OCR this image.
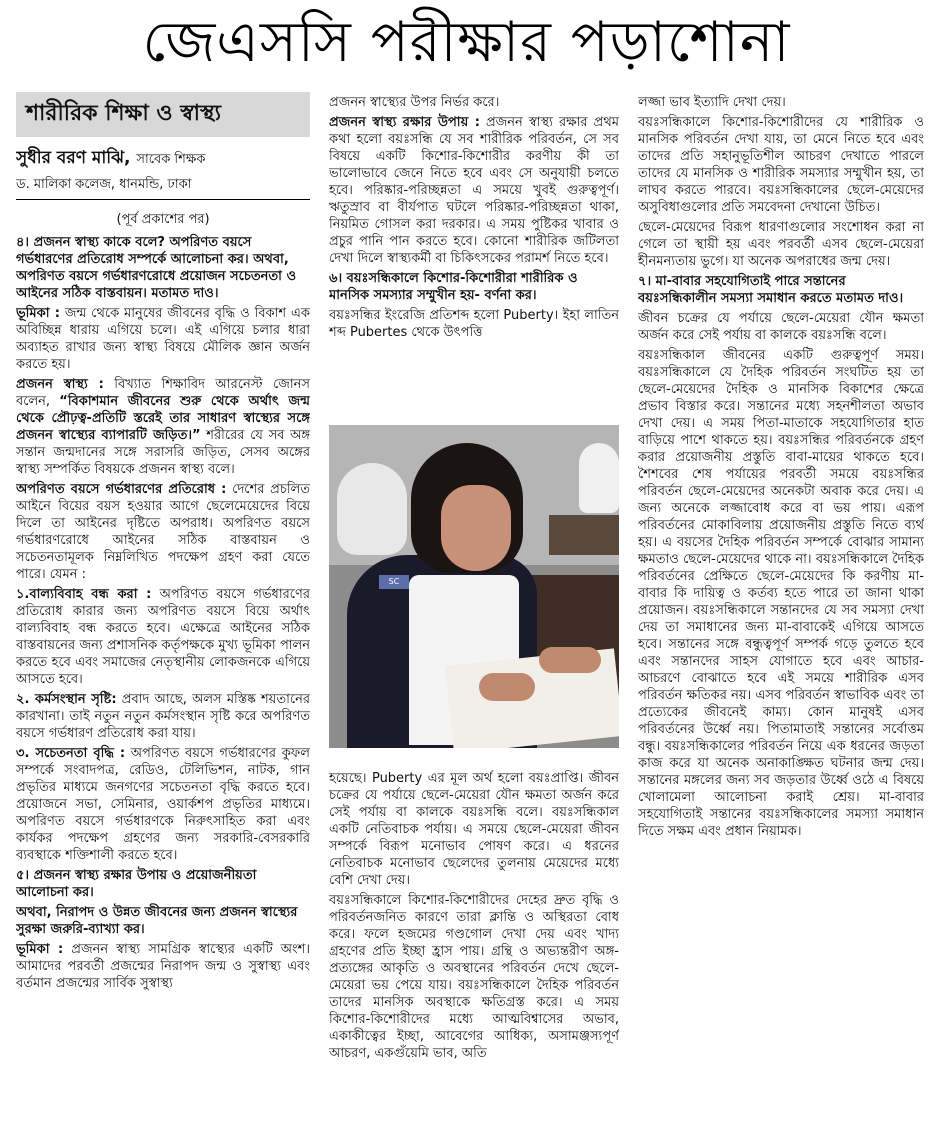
জেএসসি পরীক্ষার পড়াশোনা
শারীরিক শিক্ষা ও স্বাস্থ্য
সুধীর বরণ মাঝি, সাবেক শিক্ষক
ড. মালিকা কলেজ, ধানমন্ডি, ঢাকা
(পূর্ব প্রকাশের পর)
৪। প্রজনন স্বাস্থ্য কাকে বলে? অপরিণত বয়সে গর্ভধারণের প্রতিরোধ সম্পর্কে আলোচনা কর। অথবা, অপরিণত বয়সে গর্ভধারণরোধে প্রয়োজন সচেতনতা ও আইনের সঠিক বাস্তবায়ন। মতামত দাও।

ভূমিকা : জন্ম থেকে মানুষের জীবনের বৃদ্ধি ও বিকাশ এক অবিচ্ছিন্ন ধারায় এগিয়ে চলে। এই এগিয়ে চলার ধারা অব্যাহত রাখার জন্য স্বাস্থ্য বিষয়ে মৌলিক জ্ঞান অর্জন করতে হয়।

প্রজনন স্বাস্থ্য : বিখ্যাত শিক্ষাবিদ আরনেস্ট জোনস বলেন, “বিকাশমান জীবনের শুরু থেকে অর্থাৎ জন্ম থেকে প্রৌঢ়ত্ব-প্রতিটি স্তরেই তার সাধারণ স্বাস্থ্যের সঙ্গে প্রজনন স্বাস্থ্যের ব্যাপারটি জড়িত।” শরীরের যে সব অঙ্গ সন্তান জন্মদানের সঙ্গে সরাসরি জড়িত, সেসব অঙ্গের স্বাস্থ্য সম্পর্কিত বিষয়কে প্রজনন স্বাস্থ্য বলে।

অপরিণত বয়সে গর্ভধারণের প্রতিরোধ : দেশের প্রচলিত আইনে বিয়ের বয়স হওয়ার আগে ছেলেমেয়েদের বিয়ে দিলে তা আইনের দৃষ্টিতে অপরাধ। অপরিণত বয়সে গর্ভধারণরোধে আইনের সঠিক বাস্তবায়ন ও সচেতনতামূলক নিম্নলিখিত পদক্ষেপ গ্রহণ করা যেতে পারে। যেমন :

১.বাল্যবিবাহ বন্ধ করা : অপরিণত বয়সে গর্ভধারণের প্রতিরোধ কারার জন্য অপরিণত বয়সে বিয়ে অর্থাৎ বাল্যবিবাহ বন্ধ করতে হবে। এক্ষেত্রে আইনের সঠিক বাস্তবায়নের জন্য প্রশাসনিক কর্তৃপক্ষকে মুখ্য ভূমিকা পালন করতে হবে এবং সমাজের নেতৃস্থানীয় লোকজনকে এগিয়ে আসতে হবে।

২. কর্মসংস্থান সৃষ্টি: প্রবাদ আছে, অলস মস্তিষ্ক শয়তানের কারখানা। তাই নতুন নতুন কর্মসংস্থান সৃষ্টি করে অপরিণত বয়সে গর্ভধারণ প্রতিরোধ করা যায়।

৩. সচেতনতা বৃদ্ধি : অপরিণত বয়সে গর্ভধারণের কুফল সম্পর্কে সংবাদপত্র, রেডিও, টেলিভিশন, নাটক, গান প্রভৃতির মাধ্যমে জনগণের সচেতনতা বৃদ্ধি করতে হবে। প্রয়োজনে সভা, সেমিনার, ওয়ার্কশপ প্রভৃতির মাধ্যমে। অপরিণত বয়সে গর্ভধারণকে নিরুৎসাহিত করা এবং কার্যকর পদক্ষেপ গ্রহণের জন্য সরকারি-বেসরকারি ব্যবস্থাকে শক্তিশালী করতে হবে।

৫। প্রজনন স্বাস্থ্য রক্ষার উপায় ও প্রয়োজনীয়তা আলোচনা কর।
অথবা, নিরাপদ ও উন্নত জীবনের জন্য প্রজনন স্বাস্থ্যের সুরক্ষা জরুরি-ব্যাখ্যা কর।

ভূমিকা : প্রজনন স্বাস্থ্য সামগ্রিক স্বাস্থ্যের একটি অংশ। আমাদের পরবর্তী প্রজন্মের নিরাপদ জন্ম ও সুস্বাস্থ্য এবং বর্তমান প্রজন্মের সার্বিক সুস্বাস্থ্য

প্রজনন স্বাস্থ্যের উপর নির্ভর করে।

প্রজনন স্বাস্থ্য রক্ষার উপায় : প্রজনন স্বাস্থ্য রক্ষার প্রথম কথা হলো বয়ঃসন্ধি যে সব শারীরিক পরিবর্তন, সে সব বিষয়ে একটি কিশোর-কিশোরীর করণীয় কী তা ভালোভাবে জেনে নিতে হবে এবং সে অনুযায়ী চলতে হবে। পরিষ্কার-পরিচ্ছন্নতা এ সময়ে খুবই গুরুত্বপূর্ণ। ঋতুস্রাব বা বীর্যপাত ঘটলে পরিষ্কার-পরিচ্ছন্নতা থাকা, নিয়মিত গোসল করা দরকার। এ সময় পুষ্টিকর খাবার ও প্রচুর পানি পান করতে হবে। কোনো শারীরিক জটিলতা দেখা দিলে স্বাস্থ্যকর্মী বা চিকিৎসকের পরামর্শ নিতে হবে।

৬। বয়ঃসন্ধিকালে কিশোর-কিশোরীরা শারীরিক ও মানসিক সমস্যার সম্মুখীন হয়- বর্ণনা কর।

বয়ঃসন্ধির ইংরেজি প্রতিশব্দ হলো Puberty। ইহা লাতিন শব্দ Pubertes থেকে উৎপত্তি

SC

হয়েছে। Puberty এর মূল অর্থ হলো বয়ঃপ্রাপ্তি। জীবন চক্রের যে পর্যায়ে ছেলে-মেয়েরা যৌন ক্ষমতা অর্জন করে সেই পর্যায় বা কালকে বয়ঃসন্ধি বলে। বয়ঃসন্ধিকাল একটি নেতিবাচক পর্যায়। এ সময়ে ছেলে-মেয়েরা জীবন সম্পর্কে বিরূপ মনোভাব পোষণ করে। এ ধরনের নেতিবাচক মনোভাব ছেলেদের তুলনায় মেয়েদের মধ্যে বেশি দেখা দেয়।

বয়ঃসন্ধিকালে কিশোর-কিশোরীদের দেহের দ্রুত বৃদ্ধি ও পরিবর্তনজনিত কারণে তারা ক্লান্তি ও অস্থিরতা বোধ করে। ফলে হজমের গণ্ডগোল দেখা দেয় এবং খাদ্য গ্রহণের প্রতি ইচ্ছা হ্রাস পায়। গ্রন্থি ও অভ্যন্তরীণ অঙ্গ-প্রত্যঙ্গের আকৃতি ও অবস্থানের পরিবর্তন দেখে ছেলে-মেয়েরা ভয় পেয়ে যায়। বয়ঃসন্ধিকালে দৈহিক পরিবর্তন তাদের মানসিক অবস্থাকে ক্ষতিগ্রস্ত করে। এ সময় কিশোর-কিশোরীদের মধ্যে আত্মবিশ্বাসের অভাব, একাকীত্বের ইচ্ছা, আবেগের আধিক্য, অসামঞ্জস্যপূর্ণ আচরণ, একগুঁয়েমি ভাব, অতি

লজ্জা ভাব ইত্যাদি দেখা দেয়।

বয়ঃসন্ধিকালে কিশোর-কিশোরীদের যে শারীরিক ও মানসিক পরিবর্তন দেখা যায়, তা মেনে নিতে হবে এবং তাদের প্রতি সহানুভূতিশীল আচরণ দেখাতে পারলে তাদের যে মানসিক ও শারীরিক সমস্যার সম্মুখীন হয়, তা লাঘব করতে পারবে। বয়ঃসন্ধিকালের ছেলে-মেয়েদের অসুবিধাগুলোর প্রতি সমবেদনা দেখানো উচিত।

ছেলে-মেয়েদের বিরূপ ধারণাগুলোর সংশোধন করা না গেলে তা স্থায়ী হয় এবং পরবর্তী এসব ছেলে-মেয়েরা হীনমন্যতায় ভুগে। যা অনেক অপরাধের জন্ম দেয়।

৭। মা-বাবার সহযোগিতাই পারে সন্তানের বয়ঃসন্ধিকালীন সমস্যা সমাধান করতে মতামত দাও।

জীবন চক্রের যে পর্যায়ে ছেলে-মেয়েরা যৌন ক্ষমতা অর্জন করে সেই পর্যায় বা কালকে বয়ঃসন্ধি বলে।

বয়ঃসন্ধিকাল জীবনের একটি গুরুত্বপূর্ণ সময়। বয়ঃসন্ধিকালে যে দৈহিক পরিবর্তন সংঘটিত হয় তা ছেলে-মেয়েদের দৈহিক ও মানসিক বিকাশের ক্ষেত্রে প্রভাব বিস্তার করে। সন্তানের মধ্যে সহনশীলতা অভাব দেখা দেয়। এ সময় পিতা-মাতাকে সহযোগিতার হাত বাড়িয়ে পাশে থাকতে হয়। বয়ঃসন্ধির পরিবর্তনকে গ্রহণ করার প্রয়োজনীয় প্রস্তুতি বাবা-মায়ের থাকতে হবে। শৈশবের শেষ পর্যায়ের পরবর্তী সময়ে বয়ঃসন্ধির পরিবর্তন ছেলে-মেয়েদের অনেকটা অবাক করে দেয়। এ জন্য অনেকে লজ্জাবোধ করে বা ভয় পায়। এরূপ পরিবর্তনের মোকাবিলায় প্রয়োজনীয় প্রস্তুতি নিতে ব্যর্থ হয়। এ বয়সের দৈহিক পরিবর্তন সম্পর্কে বোঝার সামান্য ক্ষমতাও ছেলে-মেয়েদের থাকে না। বয়ঃসন্ধিকালে দৈহিক পরিবর্তনের প্রেক্ষিতে ছেলে-মেয়েদের কি করণীয় মা-বাবার কি দায়িত্ব ও কর্তব্য হতে পারে তা জানা থাকা প্রয়োজন। বয়ঃসন্ধিকালে সন্তানদের যে সব সমস্যা দেখা দেয় তা সমাধানের জন্য মা-বাবাকেই এগিয়ে আসতে হবে। সন্তানের সঙ্গে বন্ধুত্বপূর্ণ সম্পর্ক গড়ে তুলতে হবে এবং সন্তানদের সাহস যোগাতে হবে এবং আচার-আচরণে বোঝাতে হবে এই সময়ে শারীরিক এসব পরিবর্তন ক্ষতিকর নয়। এসব পরিবর্তন স্বাভাবিক এবং তা প্রত্যেকের জীবনেই কাম্য। কোন মানুষই এসব পরিবর্তনের উর্ধ্বে নয়। পিতামাতাই সন্তানের সর্বোত্তম বন্ধু। বয়ঃসন্ধিকালের পরিবর্তন নিয়ে এক ধরনের জড়তা কাজ করে যা অনেক অনাকাঙ্ক্ষিত ঘটনার জন্ম দেয়। সন্তানের মঙ্গলের জন্য সব জড়তার উর্ধ্বে ওঠে এ বিষয়ে খোলামেলা আলোচনা করাই শ্রেয়। মা-বাবার সহযোগিতাই সন্তানের বয়ঃসন্ধিকালের সমস্যা সমাধান দিতে সক্ষম এবং প্রধান নিয়ামক।
